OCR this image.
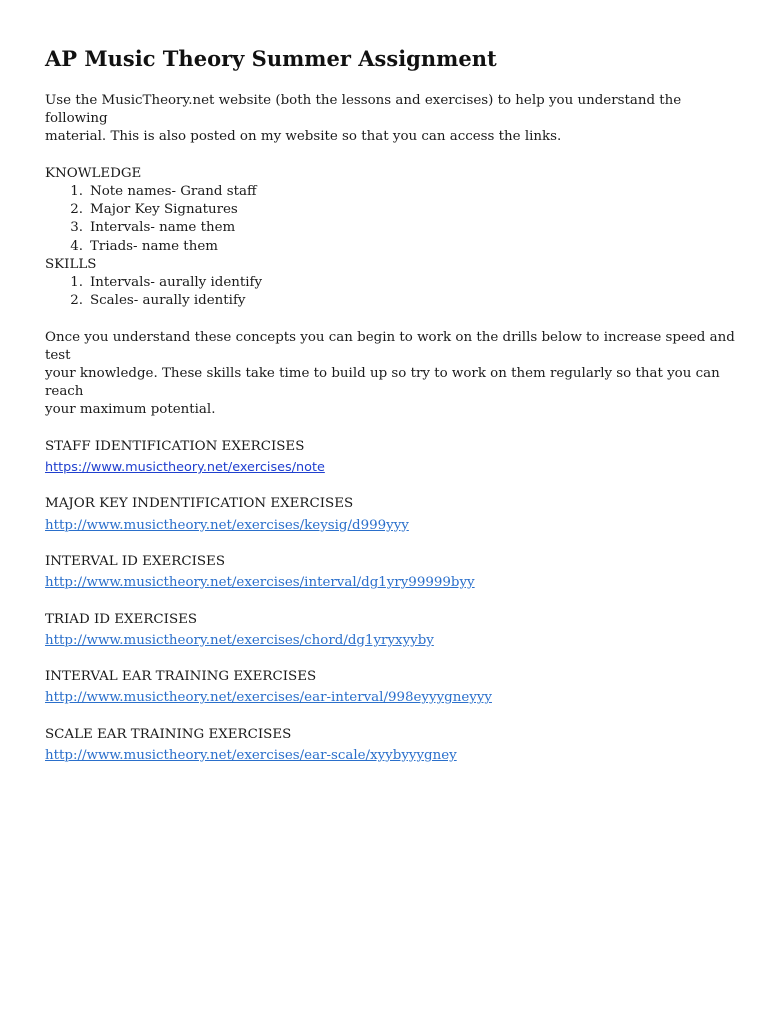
AP Music Theory Summer Assignment

Use the MusicTheory.net website (both the lessons and exercises) to help you understand the following
material. This is also posted on my website so that you can access the links.

KNOWLEDGE

1. Note names- Grand staff
2. Major Key Signatures
3. Intervals- name them
4. Triads- name them

SKILLS

1. Intervals- aurally identify
2. Scales- aurally identify

Once you understand these concepts you can begin to work on the drills below to increase speed and test
your knowledge. These skills take time to build up so try to work on them regularly so that you can reach
your maximum potential.

STAFF IDENTIFICATION EXERCISES

https://www.musictheory.net/exercises/note

MAJOR KEY INDENTIFICATION EXERCISES

http://www.musictheory.net/exercises/keysig/d999yyy

INTERVAL ID EXERCISES

http://www.musictheory.net/exercises/interval/dg1yry99999byy

TRIAD ID EXERCISES

http://www.musictheory.net/exercises/chord/dg1yryxyyby

INTERVAL EAR TRAINING EXERCISES

http://www.musictheory.net/exercises/ear-interval/998eyyygneyyy

SCALE EAR TRAINING EXERCISES

http://www.musictheory.net/exercises/ear-scale/xyybyyygney
